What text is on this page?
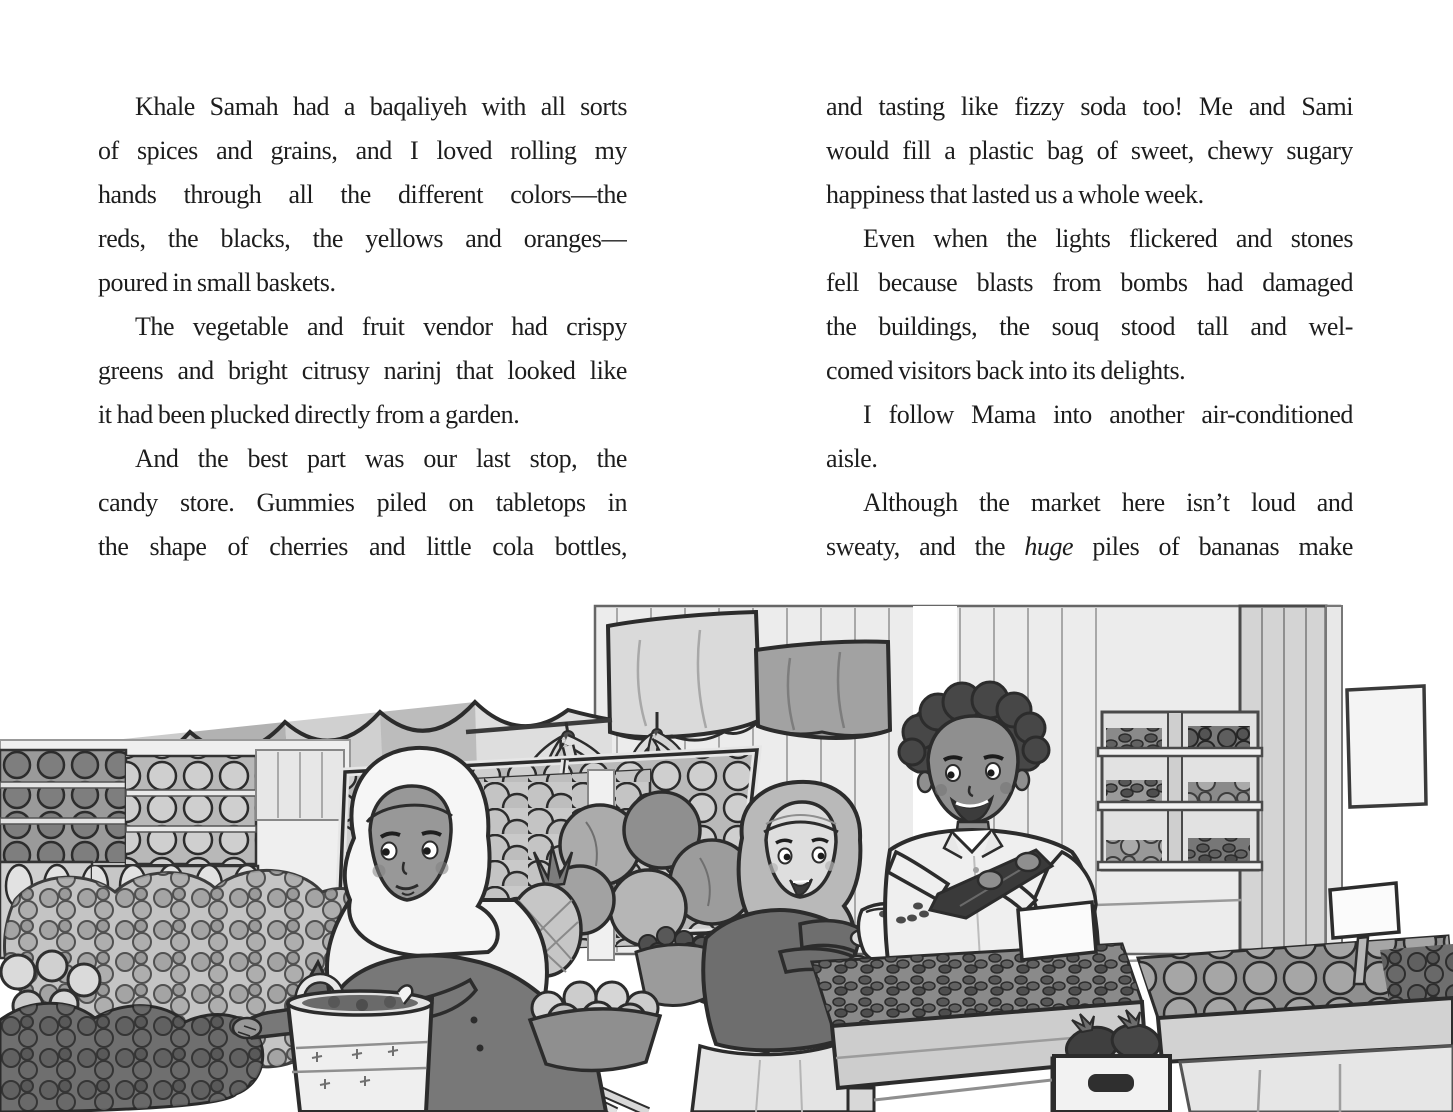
Khale Samah had a baqaliyeh with all sorts
of spices and grains, and I loved rolling my
hands through all the different colors—the
reds, the blacks, the yellows and oranges—
poured in small baskets.
The vegetable and fruit vendor had crispy
greens and bright citrusy narinj that looked like
it had been plucked directly from a garden.
And the best part was our last stop, the
candy store. Gummies piled on tabletops in
the shape of cherries and little cola bottles,
and tasting like fizzy soda too! Me and Sami
would fill a plastic bag of sweet, chewy sugary
happiness that lasted us a whole week.
Even when the lights flickered and stones
fell because blasts from bombs had damaged
the buildings, the souq stood tall and wel-
comed visitors back into its delights.
I follow Mama into another air-conditioned
aisle.
Although the market here isn’t loud and
sweaty, and the huge piles of bananas make
